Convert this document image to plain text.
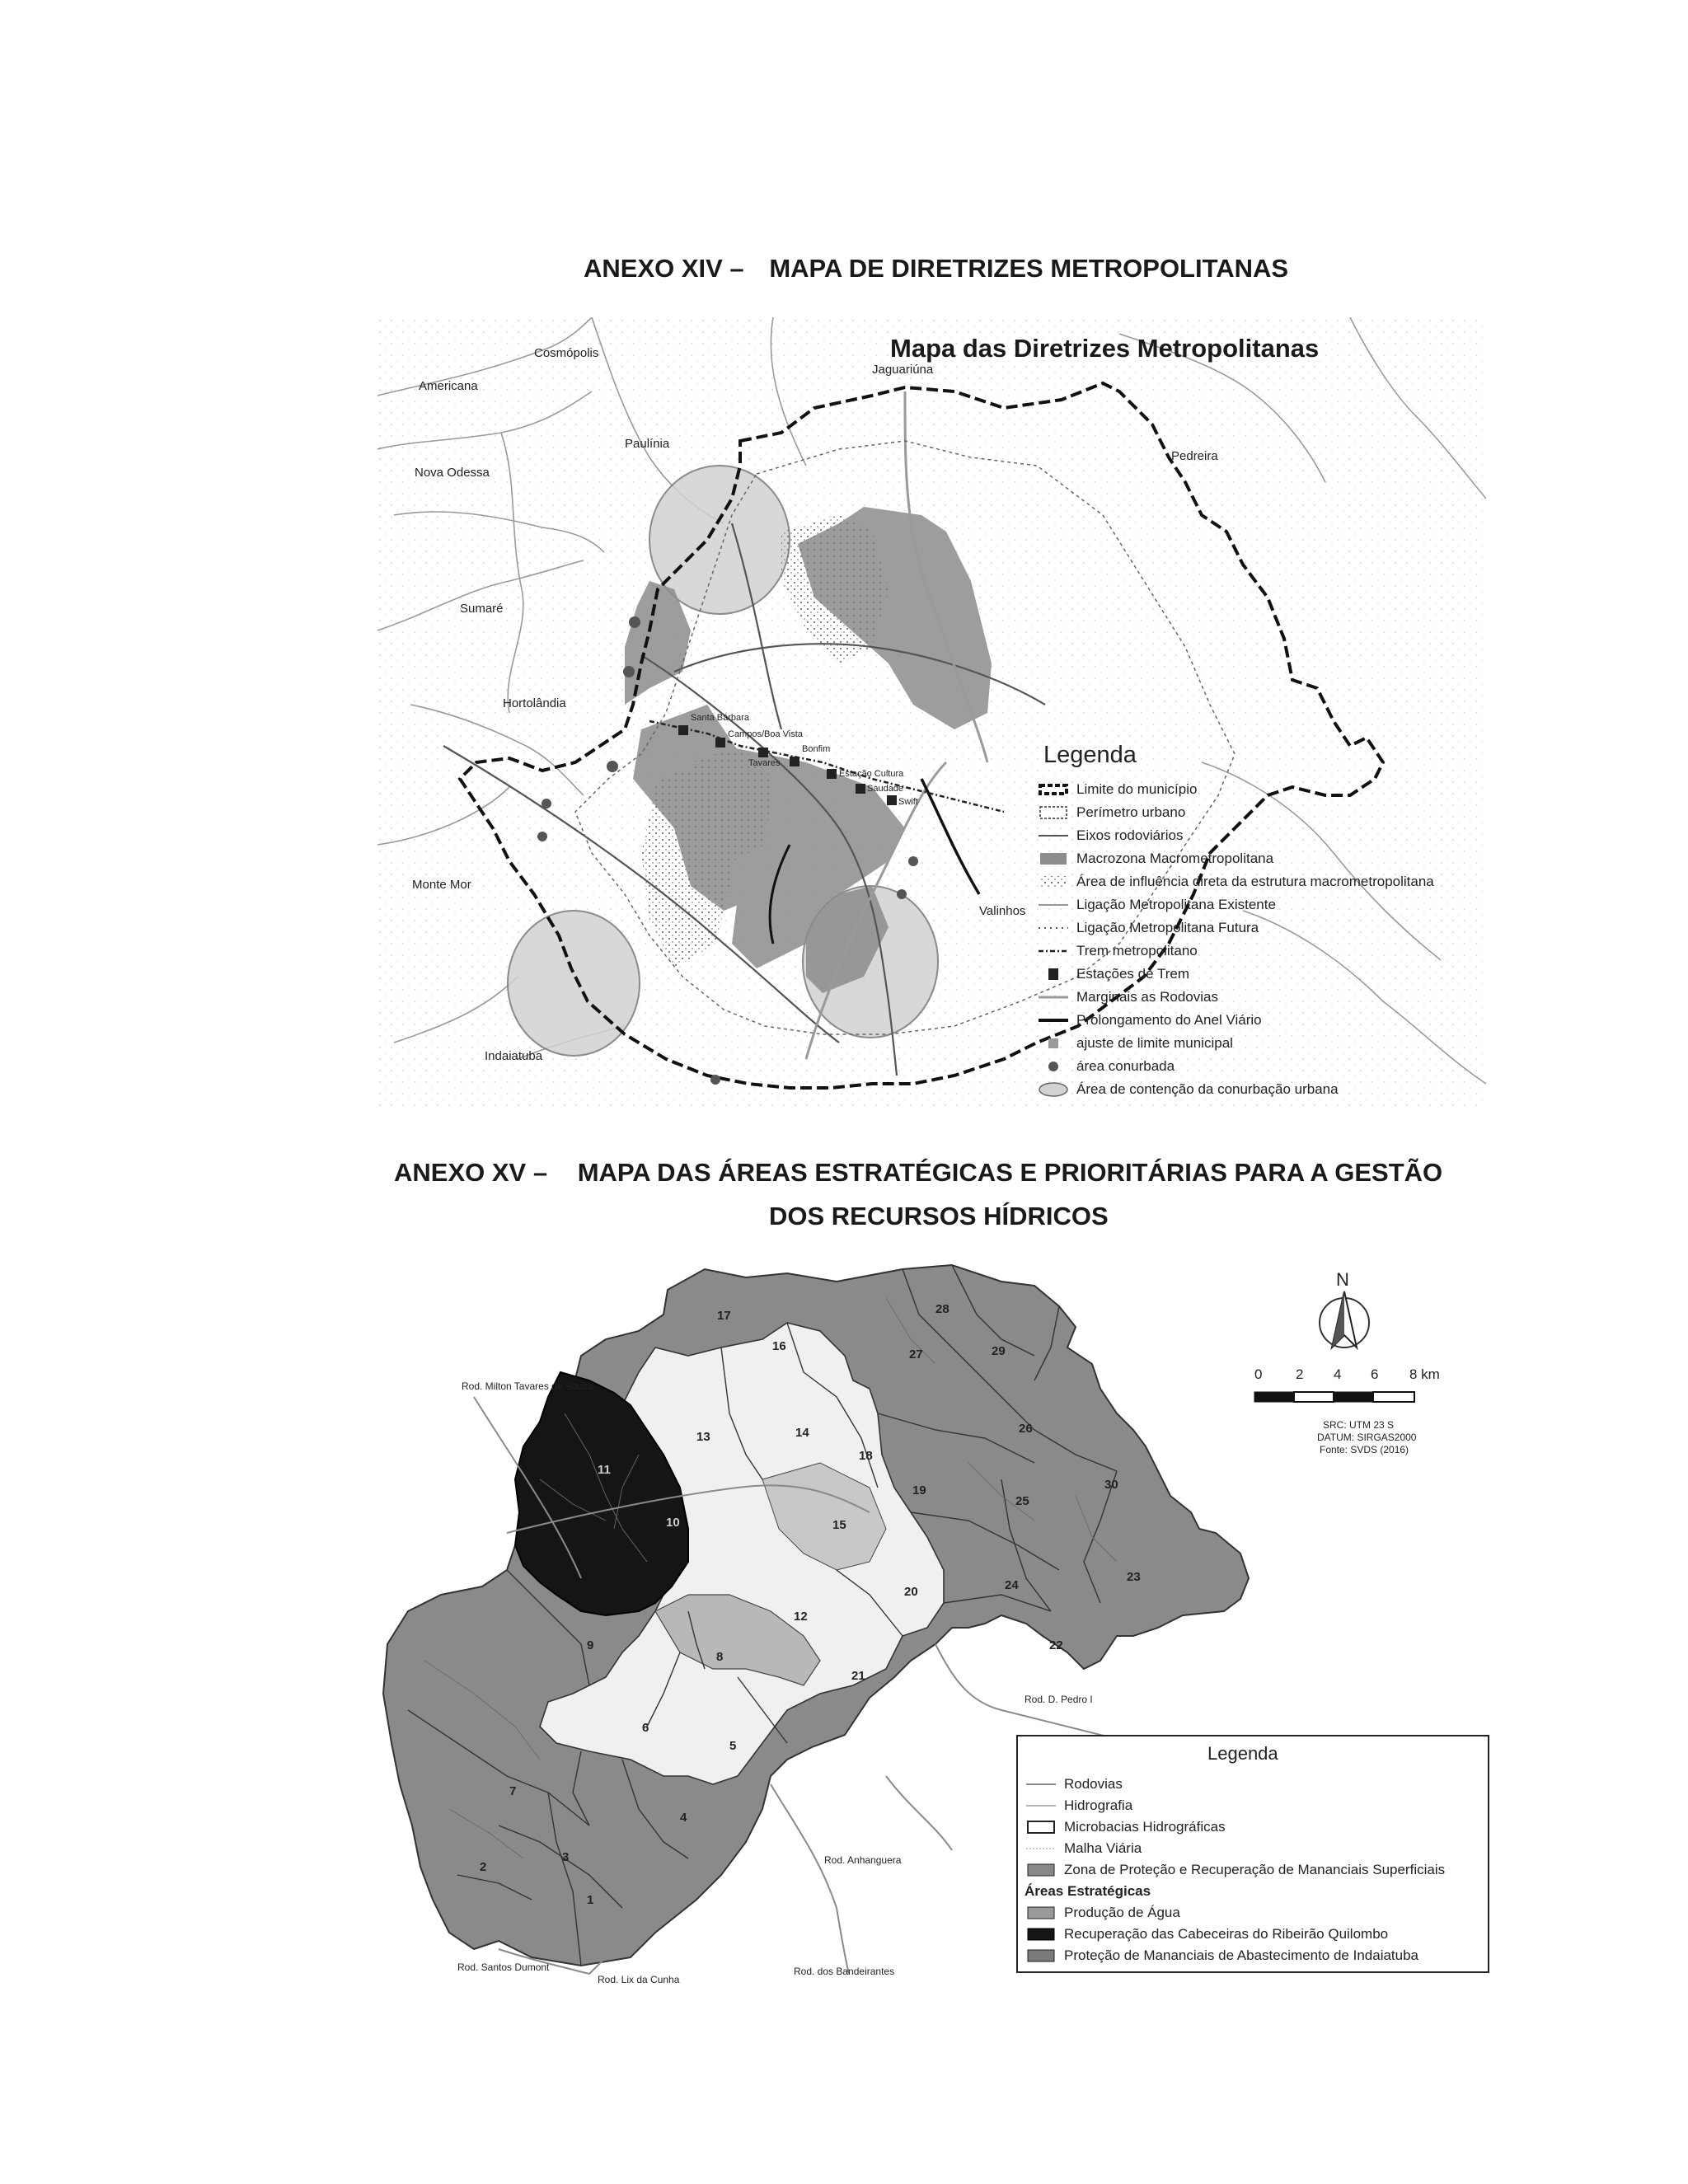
ANEXO XIV – MAPA DE DIRETRIZES METROPOLITANAS
Mapa das Diretrizes Metropolitanas
Cosmópolis
Americana
Jaguariúna
Paulínia
Pedreira
Nova Odessa
Sumaré
Hortolândia
Monte Mor
Valinhos
Indaiatuba
Santa Bárbara
Campos/Boa Vista
Tavares
Bonfim
Estação Cultura
Saudade
Swift
Legenda
Limite do município
Perímetro urbano
Eixos rodoviários
Macrozona Macrometropolitana
Área de influência direta da estrutura macrometropolitana
Ligação Metropolitana Existente
Ligação Metropolitana Futura
Trem metropolitano
Estações de Trem
Marginais as Rodovias
Prolongamento do Anel Viário
ajuste de limite municipal
área conurbada
Área de contenção da conurbação urbana
ANEXO XV – MAPA DAS ÁREAS ESTRATÉGICAS E PRIORITÁRIAS PARA A GESTÃO
DOS RECURSOS HÍDRICOS
1
2
3
4
5
6
7
8
9
10
11
12
13	14
15
16
17
18
19
20
21
22
23
24
25
26
27
28
29
30
Rod. Milton Tavares de Souza
Rod. D. Pedro I
Rod. Anhanguera
Rod. Santos Dumont
Rod. Lix da Cunha
Rod. dos Bandeirantes
N
0 2 4 6 8 km
SRC: UTM 23 S
DATUM: SIRGAS2000
Fonte: SVDS (2016)
Legenda
Rodovias
Hidrografia
Microbacias Hidrográficas
Malha Viária
Zona de Proteção e Recuperação de Mananciais Superficiais
Áreas Estratégicas
Produção de Água
Recuperação das Cabeceiras do Ribeirão Quilombo
Proteção de Mananciais de Abastecimento de Indaiatuba
